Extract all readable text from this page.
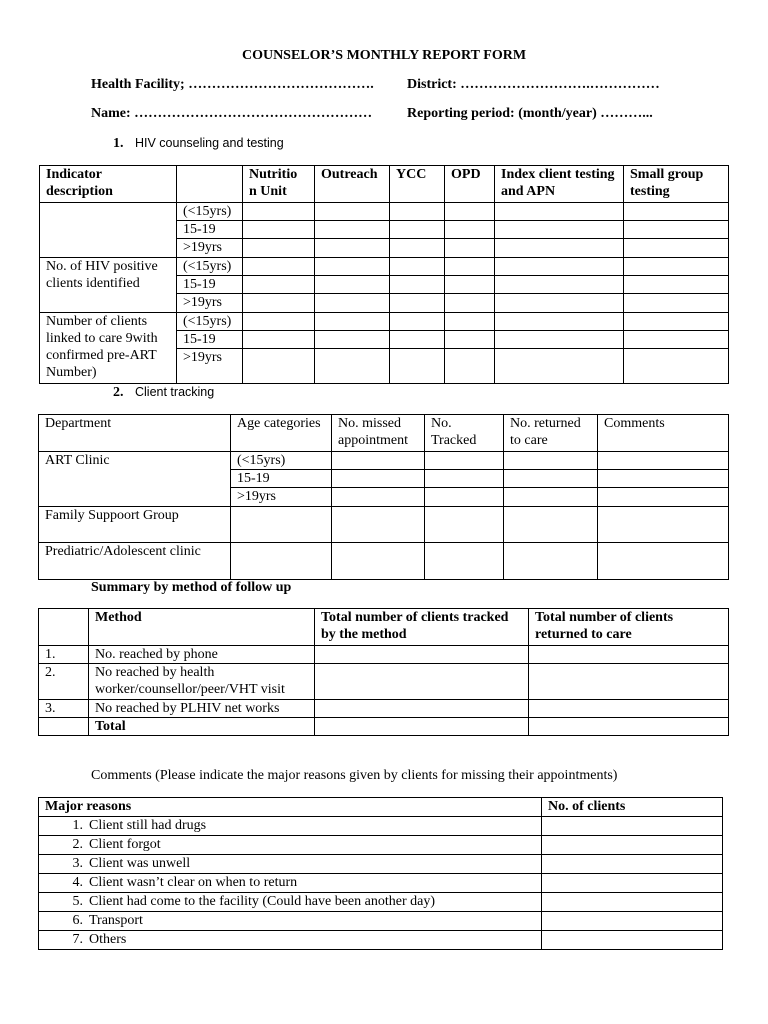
COUNSELOR’S MONTHLY REPORT FORM
Health Facility; …………………………………. District: ……………………….……………
Name: …………………………………………… Reporting period: (month/year) ………...
1. HIV counseling and testing
Indicator description		Nutritio n Unit	Outreach	YCC	OPD	Index client testing and APN	Small group testing
	(<15yrs)						
	15-19						
	>19yrs						
No. of HIV positive clients identified	(<15yrs)						
	15-19						
	>19yrs						
Number of clients linked to care 9with confirmed pre-ART Number)	(<15yrs)						
	15-19						
	>19yrs						
2. Client tracking
Department	Age categories	No. missed appointment	No. Tracked	No. returned to care	Comments
ART Clinic	(<15yrs)				
	15-19				
	>19yrs				
Family Suppoort Group					
Prediatric/Adolescent clinic					
Summary by method of follow up
	Method	Total number of clients tracked by the method	Total number of clients returned to care
1.	No. reached by phone		
2.	No reached by health worker/counsellor/peer/VHT visit		
3.	No reached by PLHIV net works		
	Total		
Comments (Please indicate the major reasons given by clients for missing their appointments)
Major reasons	No. of clients
1. Client still had drugs	
2. Client forgot	
3. Client was unwell	
4. Client wasn’t clear on when to return	
5. Client had come to the facility (Could have been another day)	
6. Transport	
7. Others	
